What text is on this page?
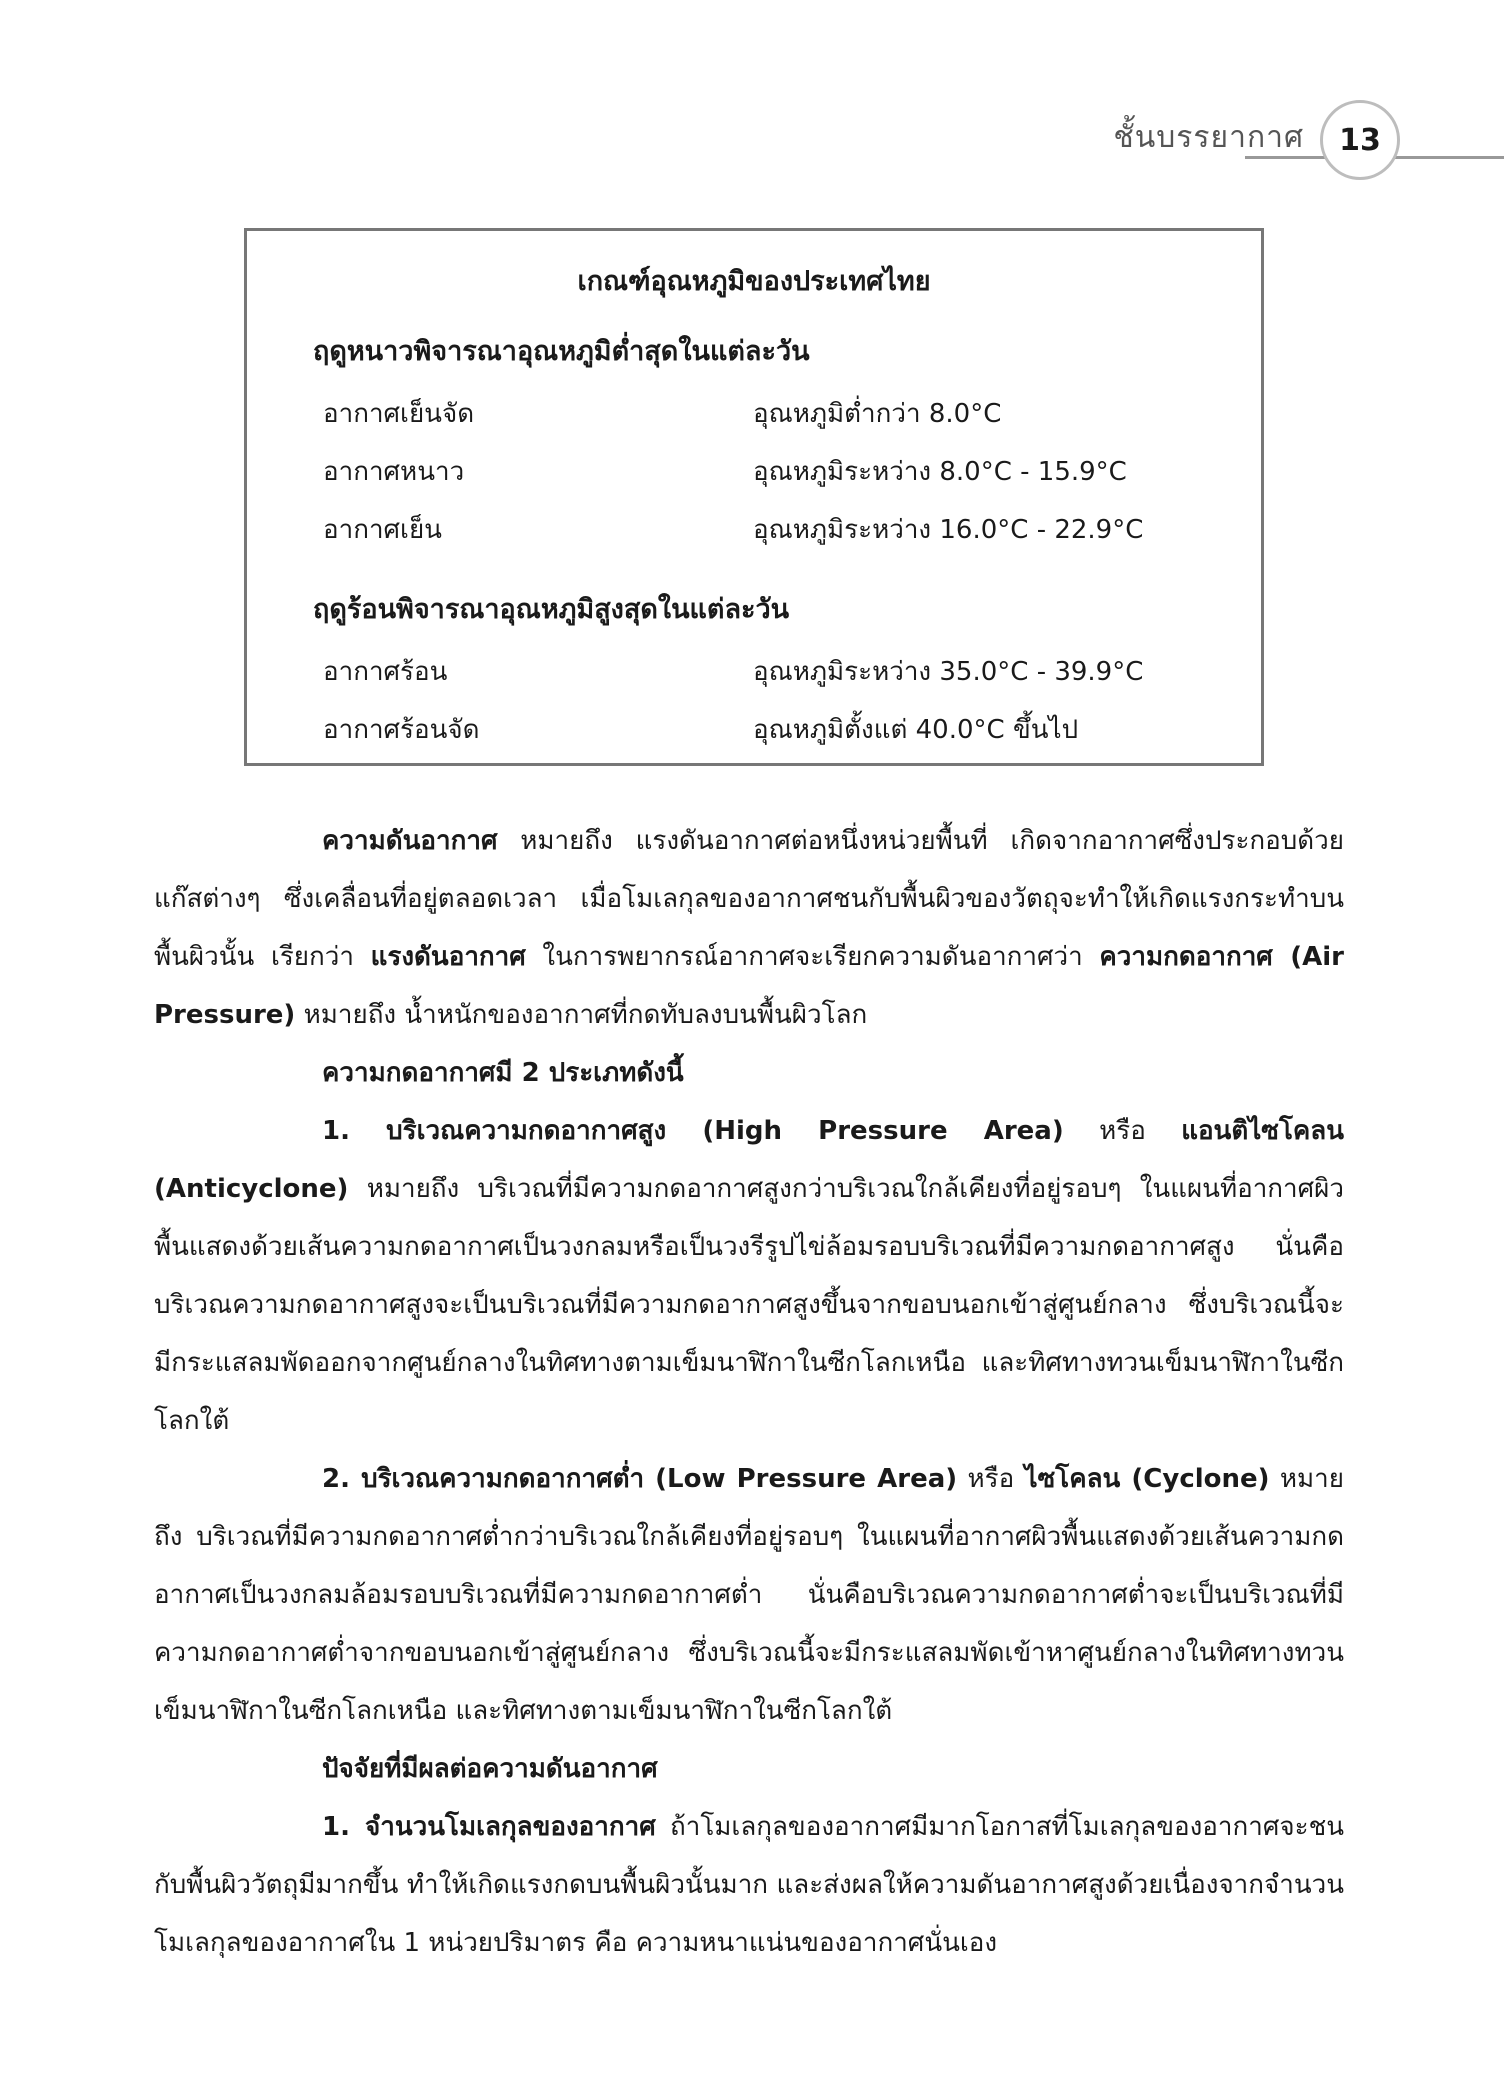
ชั้นบรรยากาศ	13
เกณฑ์อุณหภูมิของประเทศไทย
ฤดูหนาวพิจารณาอุณหภูมิต่ำสุดในแต่ละวัน
อากาศเย็นจัด	อุณหภูมิต่ำกว่า 8.0°C
อากาศหนาว	อุณหภูมิระหว่าง 8.0°C - 15.9°C
อากาศเย็น	อุณหภูมิระหว่าง 16.0°C - 22.9°C
ฤดูร้อนพิจารณาอุณหภูมิสูงสุดในแต่ละวัน
อากาศร้อน	อุณหภูมิระหว่าง 35.0°C - 39.9°C
อากาศร้อนจัด	อุณหภูมิตั้งแต่ 40.0°C ขึ้นไป

ความดันอากาศ หมายถึง แรงดันอากาศต่อหนึ่งหน่วยพื้นที่ เกิดจากอากาศซึ่งประกอบด้วยแก๊สต่างๆ ซึ่งเคลื่อนที่อยู่ตลอดเวลา เมื่อโมเลกุลของอากาศชนกับพื้นผิวของวัตถุจะทำให้เกิดแรงกระทำบนพื้นผิวนั้น เรียกว่า แรงดันอากาศ ในการพยากรณ์อากาศจะเรียกความดันอากาศว่า ความกดอากาศ (Air Pressure) หมายถึง น้ำหนักของอากาศที่กดทับลงบนพื้นผิวโลก

ความกดอากาศมี 2 ประเภทดังนี้

1. บริเวณความกดอากาศสูง (High Pressure Area) หรือ แอนติไซโคลน (Anticyclone) หมายถึง บริเวณที่มีความกดอากาศสูงกว่าบริเวณใกล้เคียงที่อยู่รอบๆ ในแผนที่อากาศผิวพื้นแสดงด้วยเส้นความกดอากาศเป็นวงกลมหรือเป็นวงรีรูปไข่ล้อมรอบบริเวณที่มีความกดอากาศสูง นั่นคือบริเวณความกดอากาศสูงจะเป็นบริเวณที่มีความกดอากาศสูงขึ้นจากขอบนอกเข้าสู่ศูนย์กลาง ซึ่งบริเวณนี้จะมีกระแสลมพัดออกจากศูนย์กลางในทิศทางตามเข็มนาฬิกาในซีกโลกเหนือ และทิศทางทวนเข็มนาฬิกาในซีกโลกใต้

2. บริเวณความกดอากาศต่ำ (Low Pressure Area) หรือ ไซโคลน (Cyclone) หมายถึง บริเวณที่มีความกดอากาศต่ำกว่าบริเวณใกล้เคียงที่อยู่รอบๆ ในแผนที่อากาศผิวพื้นแสดงด้วยเส้นความกดอากาศเป็นวงกลมล้อมรอบบริเวณที่มีความกดอากาศต่ำ นั่นคือบริเวณความกดอากาศต่ำจะเป็นบริเวณที่มีความกดอากาศต่ำจากขอบนอกเข้าสู่ศูนย์กลาง ซึ่งบริเวณนี้จะมีกระแสลมพัดเข้าหาศูนย์กลางในทิศทางทวนเข็มนาฬิกาในซีกโลกเหนือ และทิศทางตามเข็มนาฬิกาในซีกโลกใต้

ปัจจัยที่มีผลต่อความดันอากาศ

1. จำนวนโมเลกุลของอากาศ ถ้าโมเลกุลของอากาศมีมากโอกาสที่โมเลกุลของอากาศจะชนกับพื้นผิววัตถุมีมากขึ้น ทำให้เกิดแรงกดบนพื้นผิวนั้นมาก และส่งผลให้ความดันอากาศสูงด้วยเนื่องจากจำนวนโมเลกุลของอากาศใน 1 หน่วยปริมาตร คือ ความหนาแน่นของอากาศนั่นเอง
